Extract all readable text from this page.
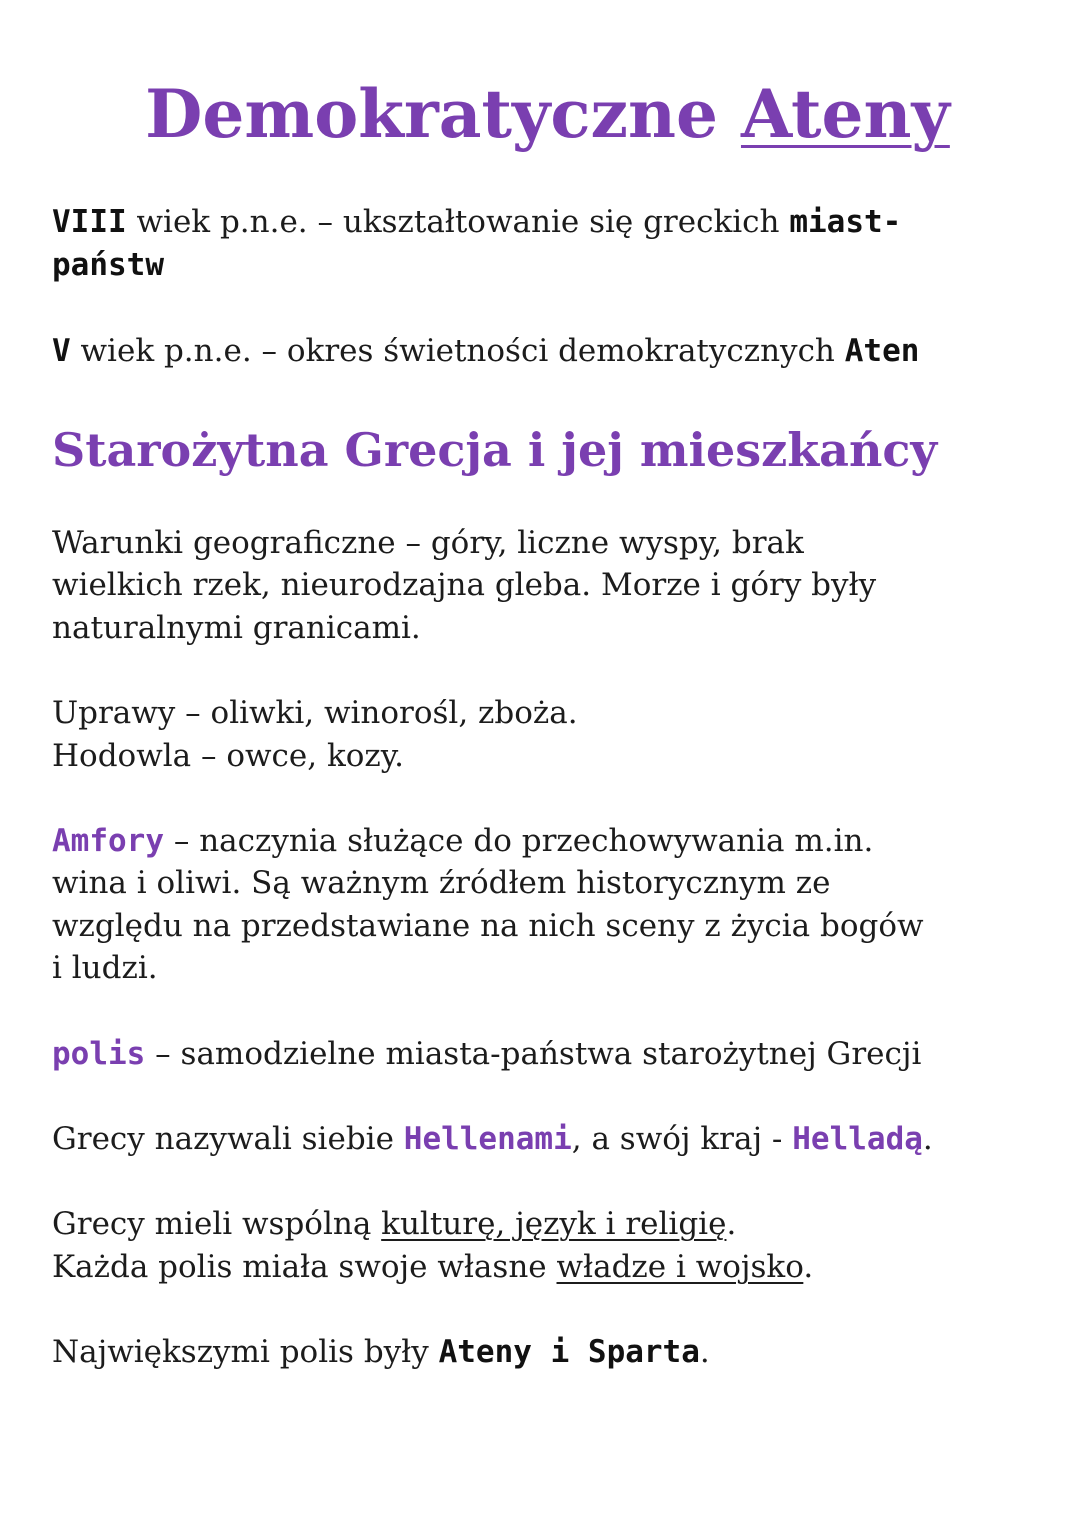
Demokratyczne Ateny
VIII wiek p.n.e. – ukształtowanie się greckich miast-
państw
V wiek p.n.e. – okres świetności demokratycznych Aten
Starożytna Grecja i jej mieszkańcy
Warunki geograficzne – góry, liczne wyspy, brak
wielkich rzek, nieurodzajna gleba. Morze i góry były
naturalnymi granicami.
Uprawy – oliwki, winorośl, zboża.
Hodowla – owce, kozy.
Amfory – naczynia służące do przechowywania m.in.
wina i oliwi. Są ważnym źródłem historycznym ze
względu na przedstawiane na nich sceny z życia bogów
i ludzi.
polis – samodzielne miasta-państwa starożytnej Grecji
Grecy nazywali siebie Hellenami, a swój kraj - Helladą.
Grecy mieli wspólną kulturę, język i religię.
Każda polis miała swoje własne władze i wojsko.
Największymi polis były Ateny i Sparta.
